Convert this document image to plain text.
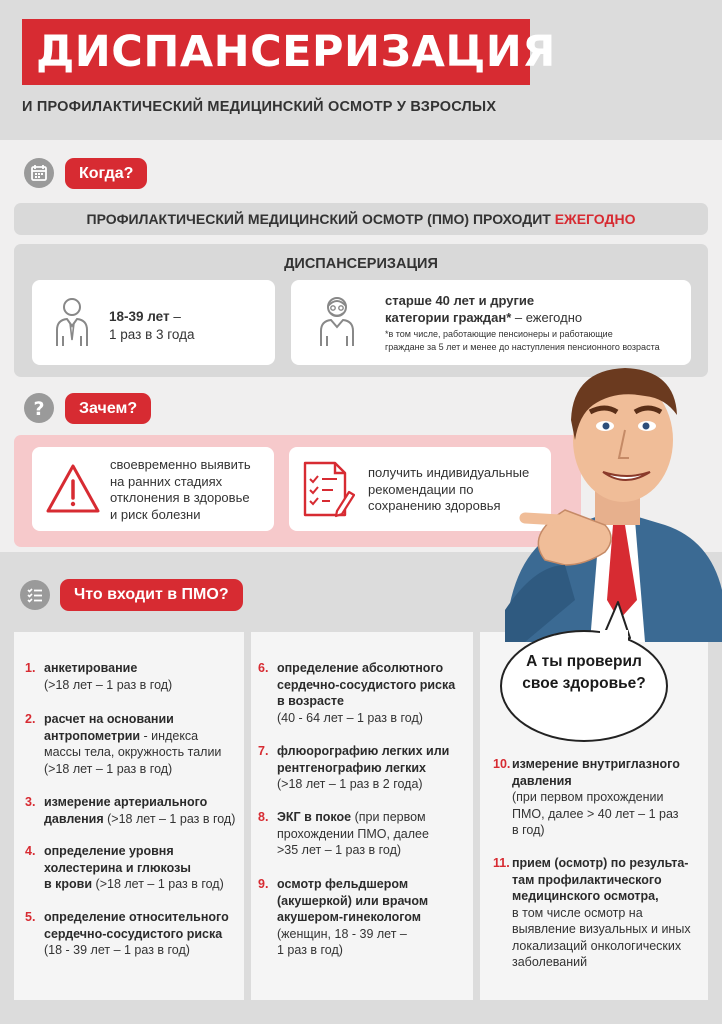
ДИСПАНСЕРИЗАЦИЯ
И ПРОФИЛАКТИЧЕСКИЙ МЕДИЦИНСКИЙ ОСМОТР У ВЗРОСЛЫХ
Когда?
ПРОФИЛАКТИЧЕСКИЙ МЕДИЦИНСКИЙ ОСМОТР (ПМО) ПРОХОДИТ ЕЖЕГОДНО
ДИСПАНСЕРИЗАЦИЯ
18-39 лет –
1 раз в 3 года
старше 40 лет и другие
категории граждан* – ежегодно
*в том числе, работающие пенсионеры и работающие
граждане за 5 лет и менее до наступления пенсионного возраста
?	Зачем?
своевременно выявить
на ранних стадиях
отклонения в здоровье
и риск болезни
получить индивидуальные
рекомендации по
сохранению здоровья
Что входит в ПМО?
1. анкетирование
(>18 лет – 1 раз в год)
2. расчет на основании
антропометрии - индекса
массы тела, окружность талии
(>18 лет – 1 раз в год)
3. измерение артериального
давления (>18 лет – 1 раз в год)
4. определение уровня
холестерина и глюкозы
в крови (>18 лет – 1 раз в год)
5. определение относительного
сердечно-сосудистого риска
(18 - 39 лет – 1 раз в год)
6. определение абсолютного
сердечно-сосудистого риска
в возрасте
(40 - 64 лет – 1 раз в год)
7. флюорографию легких или
рентгенографию легких
(>18 лет – 1 раз в 2 года)
8. ЭКГ в покое (при первом
прохождении ПМО, далее
>35 лет – 1 раз в год)
9. осмотр фельдшером
(акушеркой) или врачом
акушером-гинекологом
(женщин, 18 - 39 лет –
1 раз в год)
10. измерение внутриглазного
давления
(при первом прохождении
ПМО, далее > 40 лет – 1 раз
в год)
11. прием (осмотр) по результа-
там профилактического
медицинского осмотра,
в том числе осмотр на
выявление визуальных и иных
локализаций онкологических
заболеваний
А ты проверил
свое здоровье?
